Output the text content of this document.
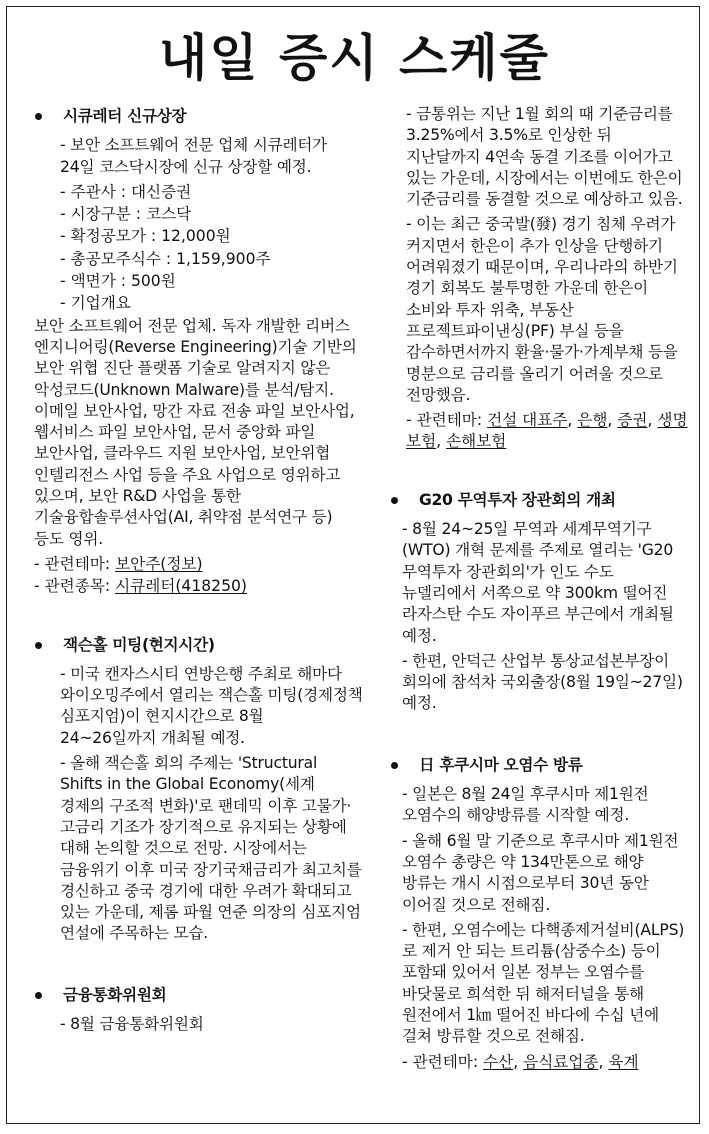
내일 증시 스케줄
시큐레터 신규상장

- 보안 소프트웨어 전문 업체 시큐레터가 24일 코스닥시장에 신규 상장할 예정.

- 주관사 : 대신증권
- 시장구분 : 코스닥
- 확정공모가 : 12,000원
- 총공모주식수 : 1,159,900주
- 액면가 : 500원
- 기업개요

보안 소프트웨어 전문 업체. 독자 개발한 리버스 엔지니어링(Reverse Engineering)기술 기반의 보안 위협 진단 플랫폼 기술로 알려지지 않은 악성코드(Unknown Malware)를 분석/탐지. 이메일 보안사업, 망간 자료 전송 파일 보안사업, 웹서비스 파일 보안사업, 문서 중앙화 파일 보안사업, 클라우드 지원 보안사업, 보안위협 인텔리전스 사업 등을 주요 사업으로 영위하고 있으며, 보안 R&D 사업을 통한 기술융합솔루션사업(AI, 취약점 분석연구 등) 등도 영위.

- 관련테마: 보안주(정보)
- 관련종목: 시큐레터(418250)
잭슨홀 미팅(현지시간)

- 미국 캔자스시티 연방은행 주최로 해마다 와이오밍주에서 열리는 잭슨홀 미팅(경제정책 심포지엄)이 현지시간으로 8월 24~26일까지 개최될 예정.

- 올해 잭슨홀 회의 주제는 'Structural Shifts in the Global Economy(세계 경제의 구조적 변화)'로 팬데믹 이후 고물가·고금리 기조가 장기적으로 유지되는 상황에 대해 논의할 것으로 전망. 시장에서는 금융위기 이후 미국 장기국채금리가 최고치를 경신하고 중국 경기에 대한 우려가 확대되고 있는 가운데, 제롬 파월 연준 의장의 심포지엄 연설에 주목하는 모습.

금융통화위원회

- 8월 금융통화위원회

- 금통위는 지난 1월 회의 때 기준금리를 3.25%에서 3.5%로 인상한 뒤 지난달까지 4연속 동결 기조를 이어가고 있는 가운데, 시장에서는 이번에도 한은이 기준금리를 동결할 것으로 예상하고 있음.

- 이는 최근 중국발(發) 경기 침체 우려가 커지면서 한은이 추가 인상을 단행하기 어려워졌기 때문이며, 우리나라의 하반기 경기 회복도 불투명한 가운데 한은이 소비와 투자 위축, 부동산 프로젝트파이낸싱(PF) 부실 등을 감수하면서까지 환율·물가·가계부채 등을 명분으로 금리를 올리기 어려울 것으로 전망했음.

- 관련테마: 건설 대표주, 은행, 증권, 생명보험, 손해보험
G20 무역투자 장관회의 개최

- 8월 24~25일 무역과 세계무역기구(WTO) 개혁 문제를 주제로 열리는 'G20 무역투자 장관회의'가 인도 수도 뉴델리에서 서쪽으로 약 300km 떨어진 라자스탄 수도 자이푸르 부근에서 개최될 예정.

- 한편, 안덕근 산업부 통상교섭본부장이 회의에 참석차 국외출장(8월 19일~27일) 예정.

日 후쿠시마 오염수 방류

- 일본은 8월 24일 후쿠시마 제1원전 오염수의 해양방류를 시작할 예정.

- 올해 6월 말 기준으로 후쿠시마 제1원전 오염수 총량은 약 134만톤으로 해양 방류는 개시 시점으로부터 30년 동안 이어질 것으로 전해짐.

- 한편, 오염수에는 다핵종제거설비(ALPS)로 제거 안 되는 트리튬(삼중수소) 등이 포함돼 있어서 일본 정부는 오염수를 바닷물로 희석한 뒤 해저터널을 통해 원전에서 1㎞ 떨어진 바다에 수십 년에 걸쳐 방류할 것으로 전해짐.

- 관련테마: 수산, 음식료업종, 육계
